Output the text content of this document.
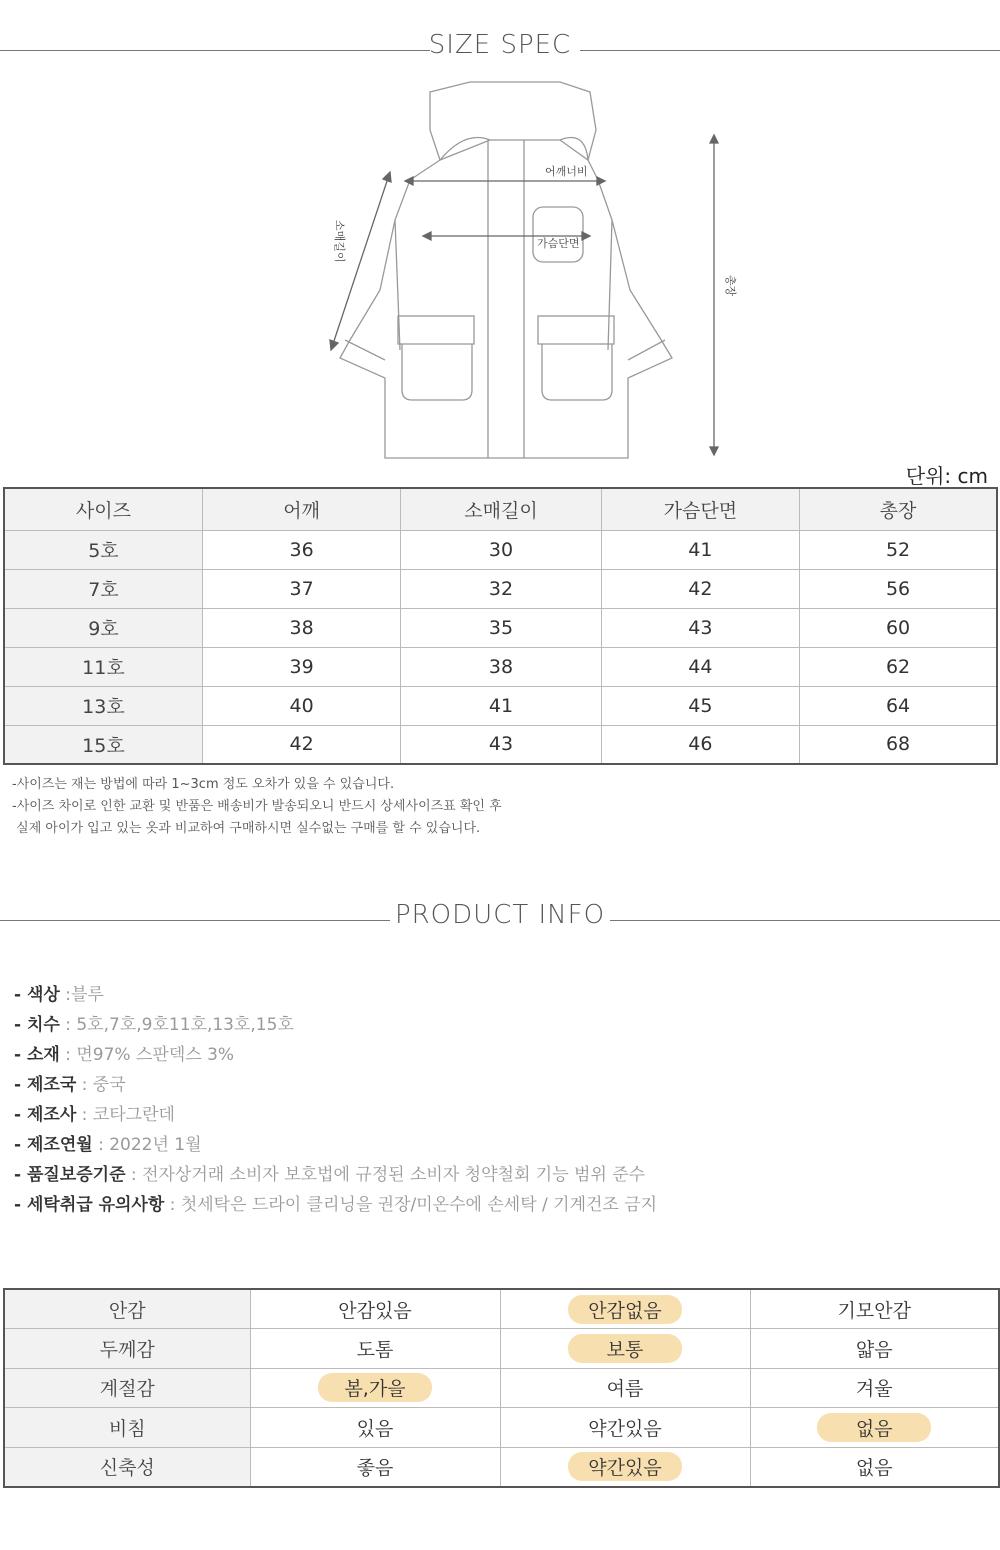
SIZE SPEC
어깨너비
가슴단면
소매길이
총장
단위: cm
사이즈	어깨	소매길이	가슴단면	총장
5호	36	30	41	52
7호	37	32	42	56
9호	38	35	43	60
11호	39	38	44	62
13호	40	41	45	64
15호	42	43	46	68
-사이즈는 재는 방법에 따라 1~3cm 정도 오차가 있을 수 있습니다.
-사이즈 차이로 인한 교환 및 반품은 배송비가 발송되오니 반드시 상세사이즈표 확인 후
실제 아이가 입고 있는 옷과 비교하여 구매하시면 실수없는 구매를 할 수 있습니다.
PRODUCT INFO
- 색상 :블루
- 치수 : 5호,7호,9호11호,13호,15호
- 소재 : 면97% 스판덱스 3%
- 제조국 : 중국
- 제조사 : 코타그란데
- 제조연월 : 2022년 1월
- 품질보증기준 : 전자상거래 소비자 보호법에 규정된 소비자 청약철회 기능 범위 준수
- 세탁취급 유의사항 : 첫세탁은 드라이 클리닝을 권장/미온수에 손세탁 / 기계건조 금지
안감	안감있음	안감없음	기모안감
두께감	도톰	보통	얇음
계절감	봄,가을	여름	겨울
비침	있음	약간있음	없음
신축성	좋음	약간있음	없음
